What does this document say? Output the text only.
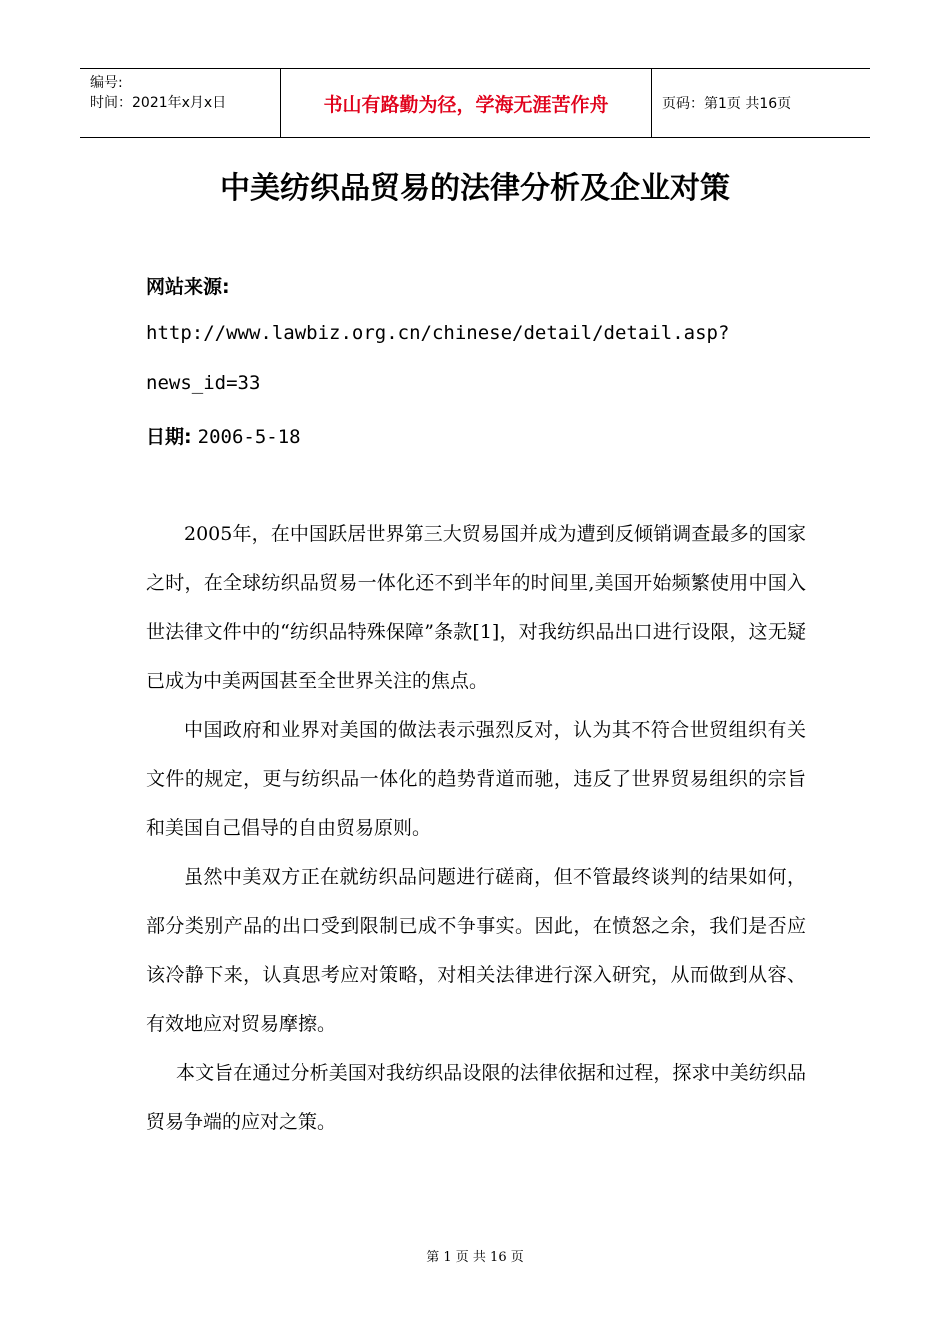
编号:
时间：2021年x月x日	书山有路勤为径，学海无涯苦作舟	页码：第1页 共16页
中美纺织品贸易的法律分析及企业对策
网站来源:
http://www.lawbiz.org.cn/chinese/detail/detail.asp?
news_id=33
日期: 2006-5-18

2005年，在中国跃居世界第三大贸易国并成为遭到反倾销调查最多的国家之时，在全球纺织品贸易一体化还不到半年的时间里,美国开始频繁使用中国入世法律文件中的“纺织品特殊保障”条款[1]，对我纺织品出口进行设限，这无疑已成为中美两国甚至全世界关注的焦点。

中国政府和业界对美国的做法表示强烈反对，认为其不符合世贸组织有关文件的规定，更与纺织品一体化的趋势背道而驰，违反了世界贸易组织的宗旨和美国自己倡导的自由贸易原则。

虽然中美双方正在就纺织品问题进行磋商，但不管最终谈判的结果如何，部分类别产品的出口受到限制已成不争事实。因此，在愤怒之余，我们是否应该冷静下来，认真思考应对策略，对相关法律进行深入研究，从而做到从容、有效地应对贸易摩擦。

本文旨在通过分析美国对我纺织品设限的法律依据和过程，探求中美纺织品贸易争端的应对之策。

第 1 页 共 16 页
